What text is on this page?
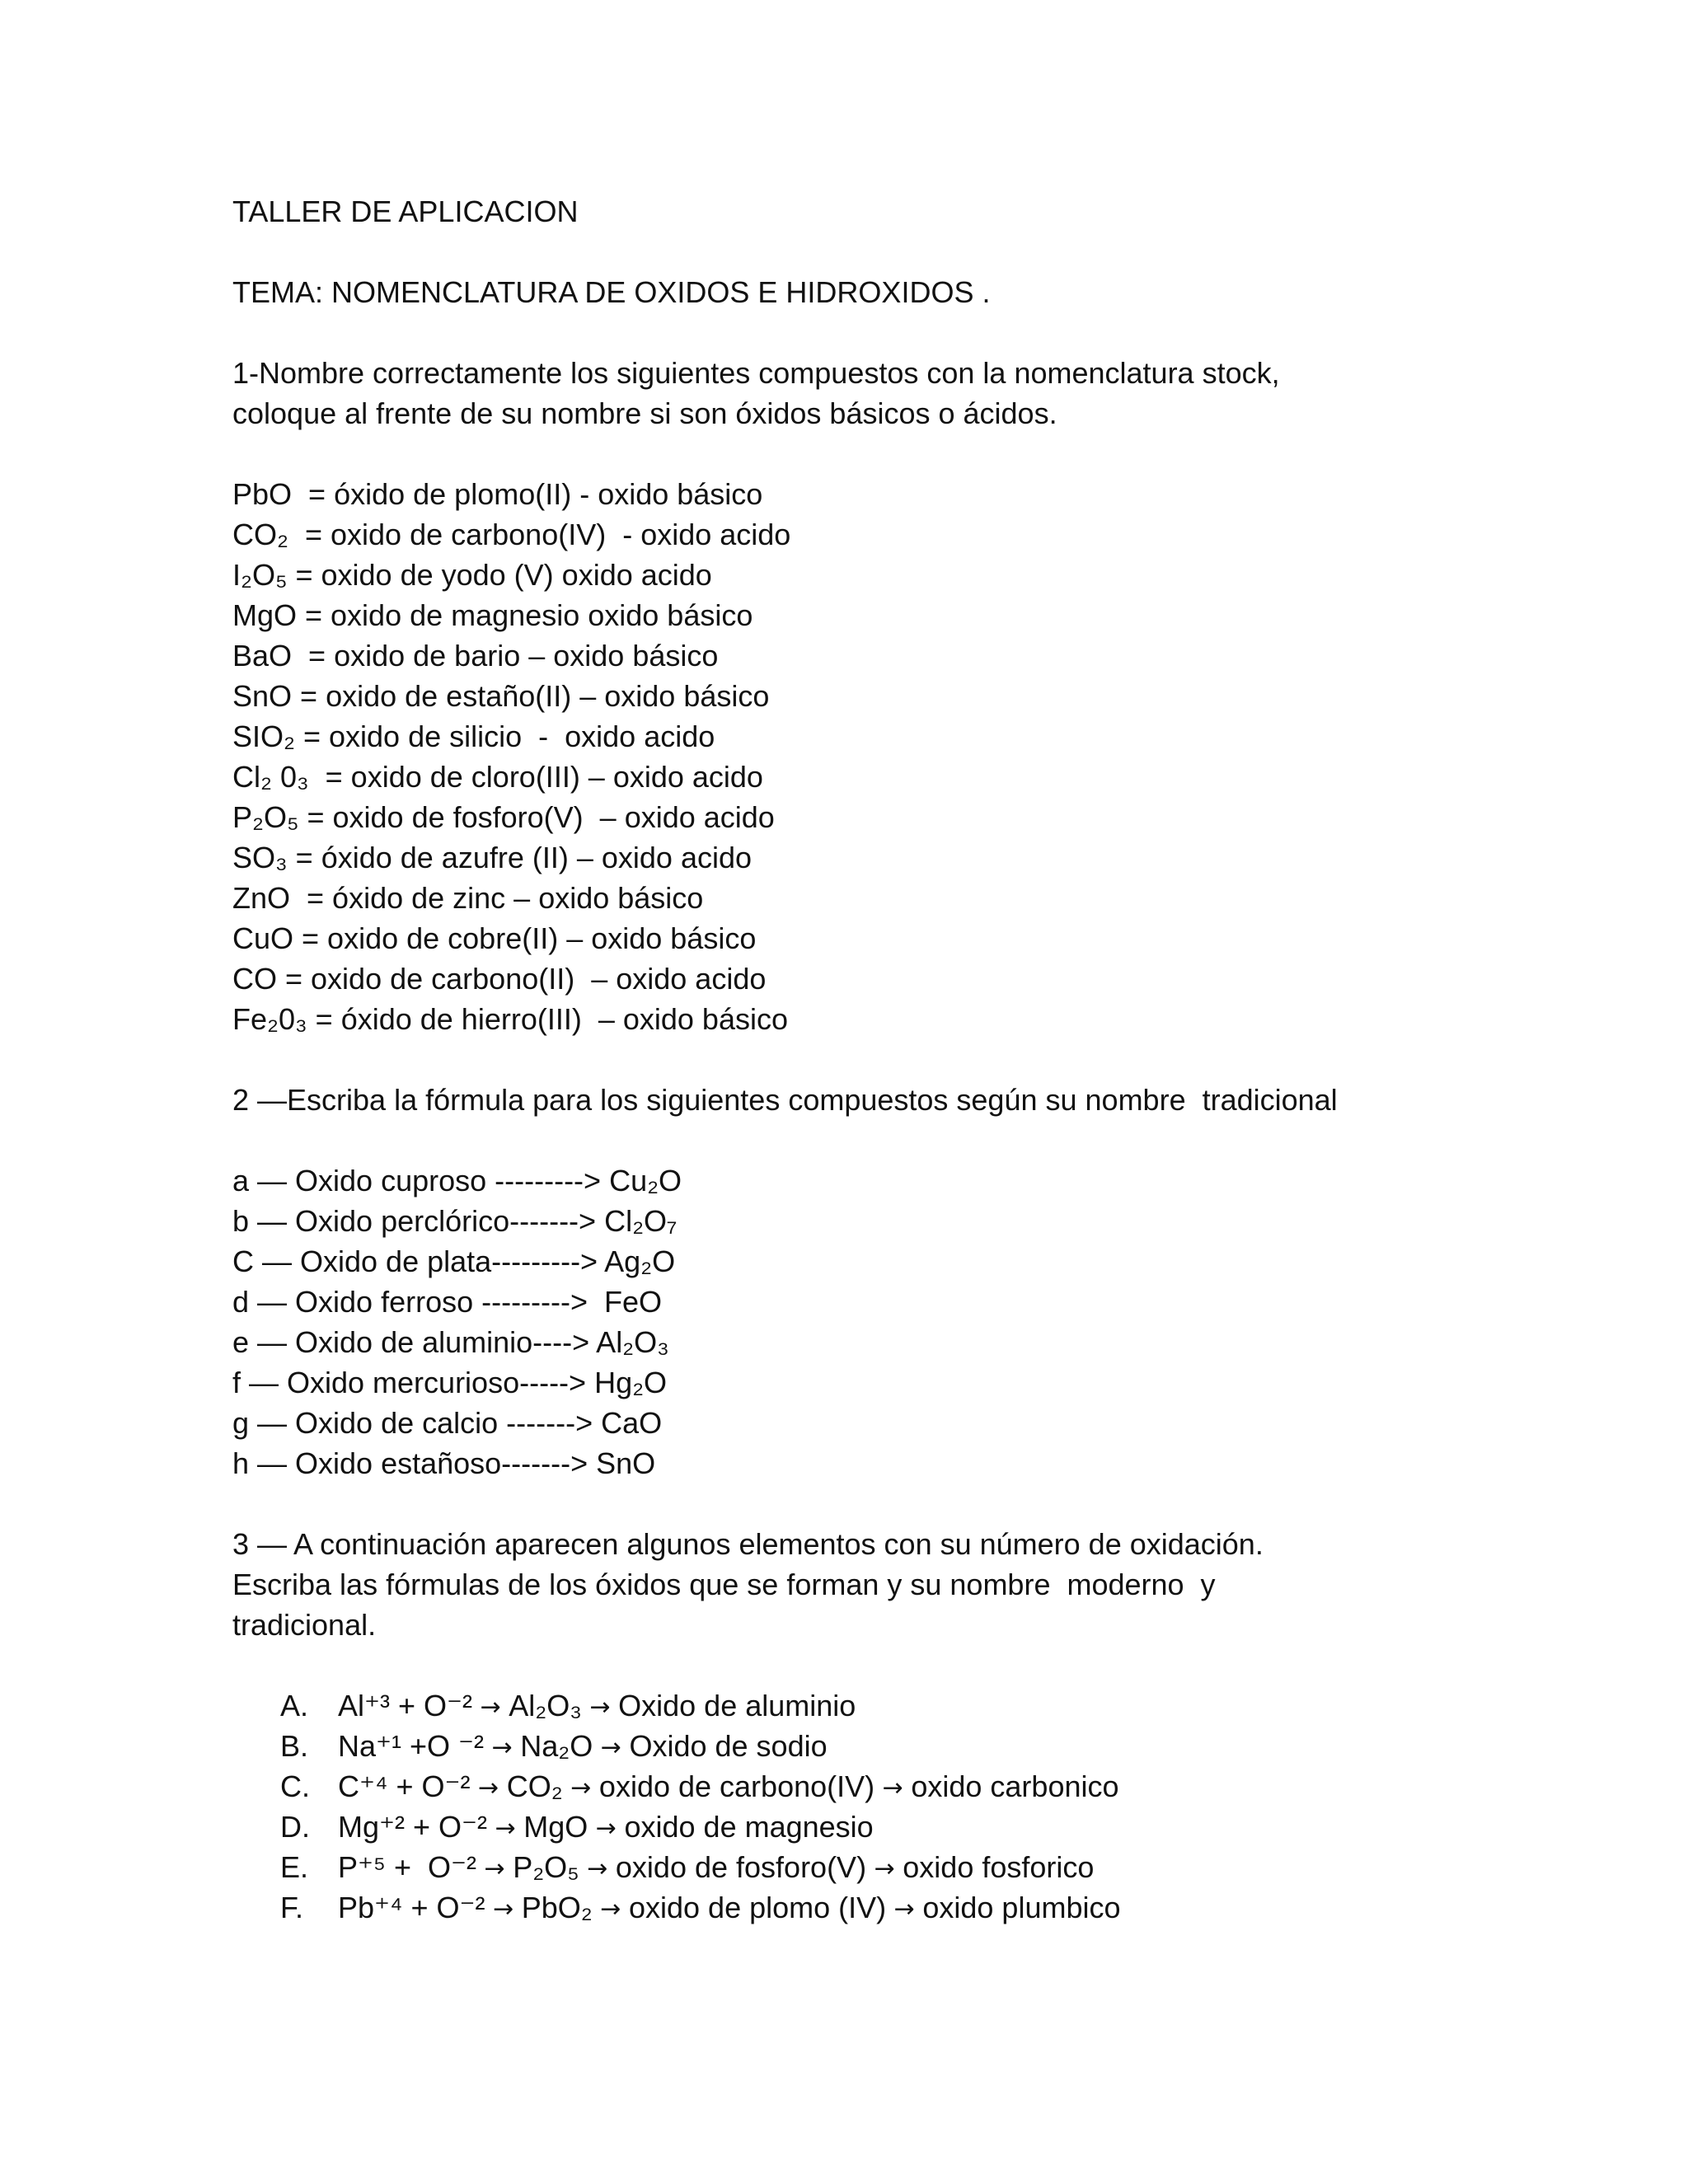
TALLER DE APLICACION

TEMA: NOMENCLATURA DE OXIDOS E HIDROXIDOS .

1-Nombre correctamente los siguientes compuestos con la nomenclatura stock,

coloque al frente de su nombre si son óxidos básicos o ácidos.

PbO  = óxido de plomo(II) - oxido básico

CO₂  = oxido de carbono(IV)  - oxido acido

I₂O₅ = oxido de yodo (V) oxido acido

MgO = oxido de magnesio oxido básico

BaO  = oxido de bario – oxido básico

SnO = oxido de estaño(II) – oxido básico

SIO₂ = oxido de silicio  -  oxido acido

Cl₂ 0₃  = oxido de cloro(III) – oxido acido

P₂O₅ = oxido de fosforo(V)  – oxido acido

SO₃ = óxido de azufre (II) – oxido acido

ZnO  = óxido de zinc – oxido básico

CuO = oxido de cobre(II) – oxido básico

CO = oxido de carbono(II)  – oxido acido

Fe₂0₃ = óxido de hierro(III)  – oxido básico

2 —Escriba la fórmula para los siguientes compuestos según su nombre  tradicional

a — Oxido cuproso ---------> Cu₂O

b — Oxido perclórico-------> Cl₂O₇

C — Oxido de plata---------> Ag₂O

d — Oxido ferroso --------->  FeO

e — Oxido de aluminio----> Al₂O₃

f — Oxido mercurioso-----> Hg₂O

g — Oxido de calcio -------> CaO

h — Oxido estañoso-------> SnO

3 — A continuación aparecen algunos elementos con su número de oxidación.

Escriba las fórmulas de los óxidos que se forman y su nombre  moderno  y

tradicional.

A. Al⁺³ + O⁻² → Al₂O₃ → Oxido de aluminio
B. Na⁺¹ +O ⁻² → Na₂O → Oxido de sodio
C. C⁺⁴ + O⁻² → CO₂ → oxido de carbono(IV) → oxido carbonico
D. Mg⁺² + O⁻² → MgO → oxido de magnesio
E. P⁺⁵ +  O⁻² → P₂O₅ → oxido de fosforo(V) → oxido fosforico
F.	Pb⁺⁴ + O⁻² → PbO₂ → oxido de plomo (IV) → oxido plumbico
